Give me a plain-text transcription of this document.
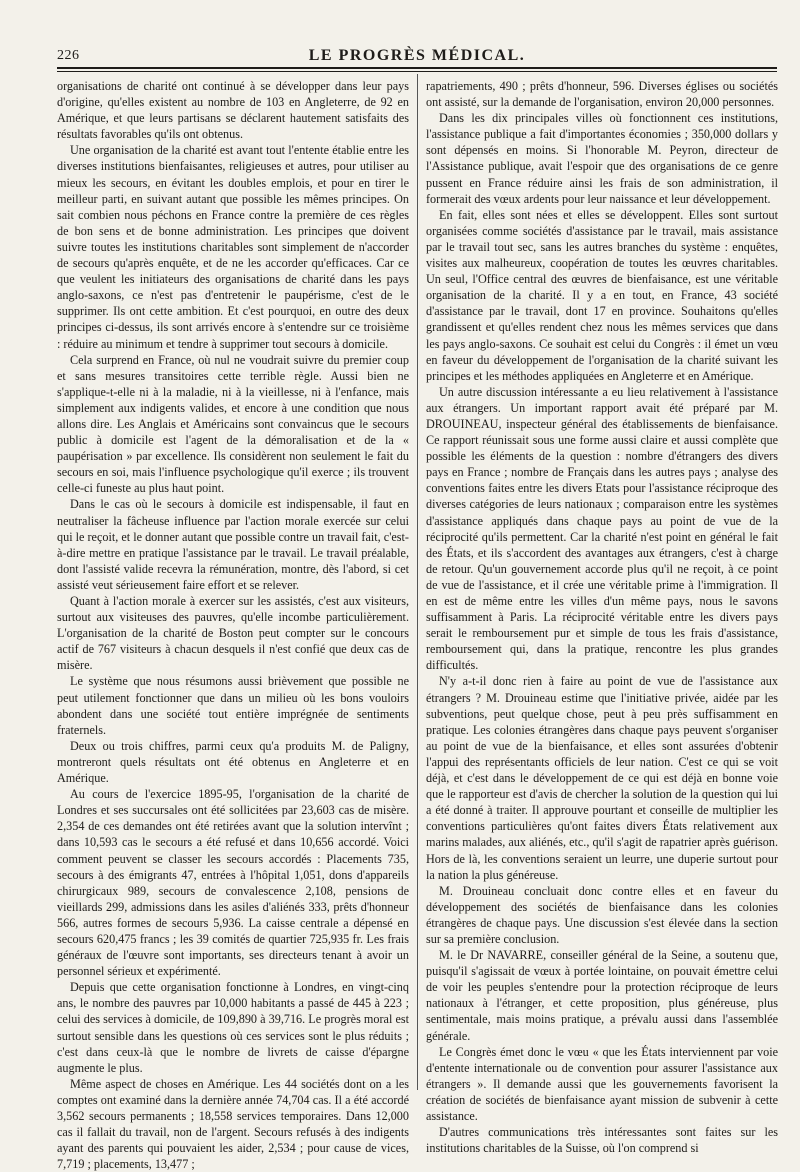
226	LE PROGRÈS MÉDICAL.

organisations de charité ont continué à se développer dans leur pays d'origine, qu'elles existent au nombre de 103 en Angleterre, de 92 en Amérique, et que leurs partisans se déclarent hautement satisfaits des résultats favorables qu'ils ont obtenus.

Une organisation de la charité est avant tout l'entente établie entre les diverses institutions bienfaisantes, religieuses et autres, pour utiliser au mieux les secours, en évitant les doubles emplois, et pour en tirer le meilleur parti, en suivant autant que possible les mêmes principes. On sait combien nous péchons en France contre la première de ces règles de bon sens et de bonne administration. Les principes que doivent suivre toutes les institutions charitables sont simplement de n'accorder de secours qu'après enquête, et de ne les accorder qu'efficaces. Car ce que veulent les initiateurs des organisations de charité dans les pays anglo-saxons, ce n'est pas d'entretenir le paupérisme, c'est de le supprimer. Ils ont cette ambition. Et c'est pourquoi, en outre des deux principes ci-dessus, ils sont arrivés encore à s'entendre sur ce troisième : réduire au minimum et tendre à supprimer tout secours à domicile.

Cela surprend en France, où nul ne voudrait suivre du premier coup et sans mesures transitoires cette terrible règle. Aussi bien ne s'applique-t-elle ni à la maladie, ni à la vieillesse, ni à l'enfance, mais simplement aux indigents valides, et encore à une condition que nous allons dire. Les Anglais et Américains sont convaincus que le secours public à domicile est l'agent de la démoralisation et de la « paupérisation » par excellence. Ils considèrent non seulement le fait du secours en soi, mais l'influence psychologique qu'il exerce ; ils trouvent celle-ci funeste au plus haut point.

Dans le cas où le secours à domicile est indispensable, il faut en neutraliser la fâcheuse influence par l'action morale exercée sur celui qui le reçoit, et le donner autant que possible contre un travail fait, c'est-à-dire mettre en pratique l'assistance par le travail. Le travail préalable, dont l'assisté valide recevra la rémunération, montre, dès l'abord, si cet assisté veut sérieusement faire effort et se relever.

Quant à l'action morale à exercer sur les assistés, c'est aux visiteurs, surtout aux visiteuses des pauvres, qu'elle incombe particulièrement. L'organisation de la charité de Boston peut compter sur le concours actif de 767 visiteurs à chacun desquels il n'est confié que deux cas de misère.

Le système que nous résumons aussi brièvement que possible ne peut utilement fonctionner que dans un milieu où les bons vouloirs abondent dans une société tout entière imprégnée de sentiments fraternels.

Deux ou trois chiffres, parmi ceux qu'a produits M. de Paligny, montreront quels résultats ont été obtenus en Angleterre et en Amérique.

Au cours de l'exercice 1895-95, l'organisation de la charité de Londres et ses succursales ont été sollicitées par 23,603 cas de misère. 2,354 de ces demandes ont été retirées avant que la solution intervînt ; dans 10,593 cas le secours a été refusé et dans 10,656 accordé. Voici comment peuvent se classer les secours accordés : Placements 735, secours à des émigrants 47, entrées à l'hôpital 1,051, dons d'appareils chirurgicaux 989, secours de convalescence 2,108, pensions de vieillards 299, admissions dans les asiles d'aliénés 333, prêts d'honneur 566, autres formes de secours 5,936. La caisse centrale a dépensé en secours 620,475 francs ; les 39 comités de quartier 725,935 fr. Les frais généraux de l'œuvre sont importants, ses directeurs tenant à avoir un personnel sérieux et expérimenté.

Depuis que cette organisation fonctionne à Londres, en vingt-cinq ans, le nombre des pauvres par 10,000 habitants a passé de 445 à 223 ; celui des services à domicile, de 109,890 à 39,716. Le progrès moral est surtout sensible dans les questions où ces services sont le plus réduits ; c'est dans ceux-là que le nombre de livrets de caisse d'épargne augmente le plus.

Même aspect de choses en Amérique. Les 44 sociétés dont on a les comptes ont examiné dans la dernière année 74,704 cas. Il a été accordé 3,562 secours permanents ; 18,558 services temporaires. Dans 12,000 cas il fallait du travail, non de l'argent. Secours refusés à des indigents ayant des parents qui pouvaient les aider, 2,534 ; pour cause de vices, 7,719 ; placements, 13,477 ;

rapatriements, 490 ; prêts d'honneur, 596. Diverses églises ou sociétés ont assisté, sur la demande de l'organisation, environ 20,000 personnes.

Dans les dix principales villes où fonctionnent ces institutions, l'assistance publique a fait d'importantes économies ; 350,000 dollars y sont dépensés en moins. Si l'honorable M. Peyron, directeur de l'Assistance publique, avait l'espoir que des organisations de ce genre pussent en France réduire ainsi les frais de son administration, il formerait des vœux ardents pour leur naissance et leur développement.

En fait, elles sont nées et elles se développent. Elles sont surtout organisées comme sociétés d'assistance par le travail, mais assistance par le travail tout sec, sans les autres branches du système : enquêtes, visites aux malheureux, coopération de toutes les œuvres charitables. Un seul, l'Office central des œuvres de bienfaisance, est une véritable organisation de la charité. Il y a en tout, en France, 43 société d'assistance par le travail, dont 17 en province. Souhaitons qu'elles grandissent et qu'elles rendent chez nous les mêmes services que dans les pays anglo-saxons. Ce souhait est celui du Congrès : il émet un vœu en faveur du développement de l'organisation de la charité suivant les principes et les méthodes appliquées en Angleterre et en Amérique.

Un autre discussion intéressante a eu lieu relativement à l'assistance aux étrangers. Un important rapport avait été préparé par M. DROUINEAU, inspecteur général des établissements de bienfaisance. Ce rapport réunissait sous une forme aussi claire et aussi complète que possible les éléments de la question : nombre d'étrangers des divers pays en France ; nombre de Français dans les autres pays ; analyse des conventions faites entre les divers Etats pour l'assistance réciproque des diverses catégories de leurs nationaux ; comparaison entre les systèmes d'assistance appliqués dans chaque pays au point de vue de la réciprocité qu'ils permettent. Car la charité n'est point en général le fait des États, et ils s'accordent des avantages aux étrangers, c'est à charge de retour. Qu'un gouvernement accorde plus qu'il ne reçoit, à ce point de vue de l'assistance, et il crée une véritable prime à l'immigration. Il en est de même entre les villes d'un même pays, nous le savons suffisamment à Paris. La réciprocité véritable entre les divers pays serait le remboursement pur et simple de tous les frais d'assistance, remboursement qui, dans la pratique, rencontre les plus grandes difficultés.

N'y a-t-il donc rien à faire au point de vue de l'assistance aux étrangers ? M. Drouineau estime que l'initiative privée, aidée par les subventions, peut quelque chose, peut à peu près suffisamment en pratique. Les colonies étrangères dans chaque pays peuvent s'organiser au point de vue de la bienfaisance, et elles sont assurées d'obtenir l'appui des représentants officiels de leur nation. C'est ce qui se voit déjà, et c'est dans le développement de ce qui est déjà en bonne voie que le rapporteur est d'avis de chercher la solution de la question qui lui a été donné à traiter. Il approuve pourtant et conseille de multiplier les conventions particulières qu'ont faites divers États relativement aux marins malades, aux aliénés, etc., qu'il s'agit de rapatrier après guérison. Hors de là, les conventions seraient un leurre, une duperie surtout pour la nation la plus généreuse.

M. Drouineau concluait donc contre elles et en faveur du développement des sociétés de bienfaisance dans les colonies étrangères de chaque pays. Une discussion s'est élevée dans la section sur sa première conclusion.

M. le Dr NAVARRE, conseiller général de la Seine, a soutenu que, puisqu'il s'agissait de vœux à portée lointaine, on pouvait émettre celui de voir les peuples s'entendre pour la protection réciproque de leurs nationaux à l'étranger, et cette proposition, plus généreuse, plus sentimentale, mais moins pratique, a prévalu aussi dans l'assemblée générale.

Le Congrès émet donc le vœu « que les États interviennent par voie d'entente internationale ou de convention pour assurer l'assistance aux étrangers ». Il demande aussi que les gouvernements favorisent la création de sociétés de bienfaisance ayant mission de subvenir à cette assistance.

D'autres communications très intéressantes sont faites sur les institutions charitables de la Suisse, où l'on comprend si
